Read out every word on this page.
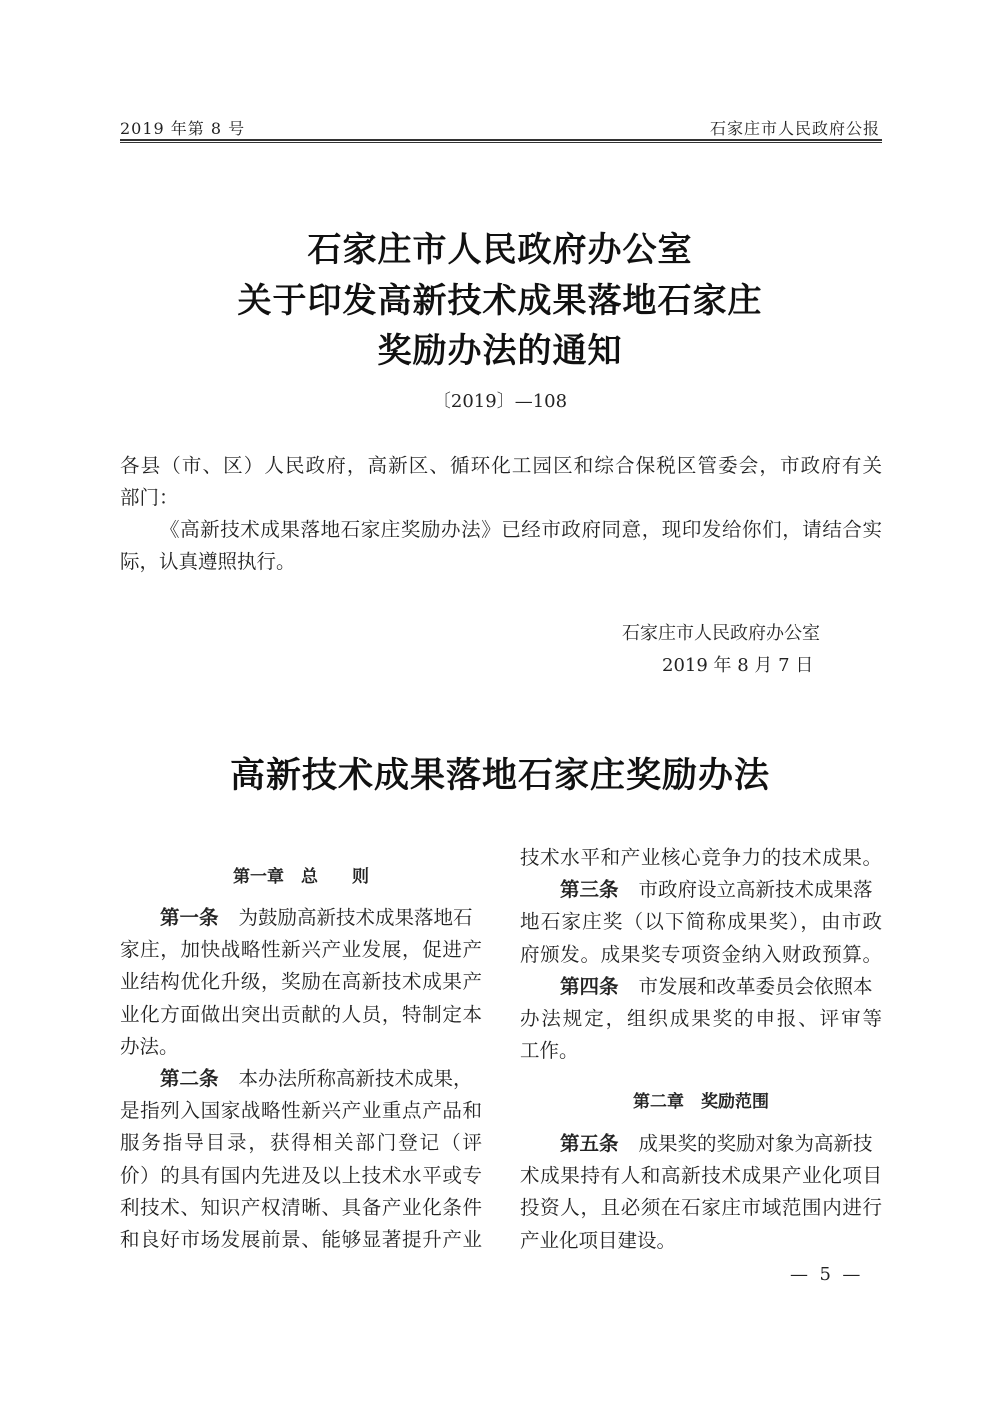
2019 年第 8 号	石家庄市人民政府公报
石家庄市人民政府办公室
关于印发高新技术成果落地石家庄
奖励办法的通知
〔2019〕—108
各县（市、区）人民政府，高新区、循环化工园区和综合保税区管委会，市政府有关
部门：
《高新技术成果落地石家庄奖励办法》已经市政府同意，现印发给你们，请结合实
际，认真遵照执行。
石家庄市人民政府办公室
2019 年 8 月 7 日
高新技术成果落地石家庄奖励办法
第一章　总　　则
第一条 为鼓励高新技术成果落地石
家庄，加快战略性新兴产业发展，促进产
业结构优化升级，奖励在高新技术成果产
业化方面做出突出贡献的人员，特制定本
办法。
第二条 本办法所称高新技术成果，
是指列入国家战略性新兴产业重点产品和
服务指导目录，获得相关部门登记（评
价）的具有国内先进及以上技术水平或专
利技术、知识产权清晰、具备产业化条件
和良好市场发展前景、能够显著提升产业
技术水平和产业核心竞争力的技术成果。
第三条 市政府设立高新技术成果落
地石家庄奖（以下简称成果奖），由市政
府颁发。成果奖专项资金纳入财政预算。
第四条 市发展和改革委员会依照本
办法规定，组织成果奖的申报、评审等
工作。
第二章　奖励范围
第五条 成果奖的奖励对象为高新技
术成果持有人和高新技术成果产业化项目
投资人，且必须在石家庄市域范围内进行
产业化项目建设。
—  5  —
